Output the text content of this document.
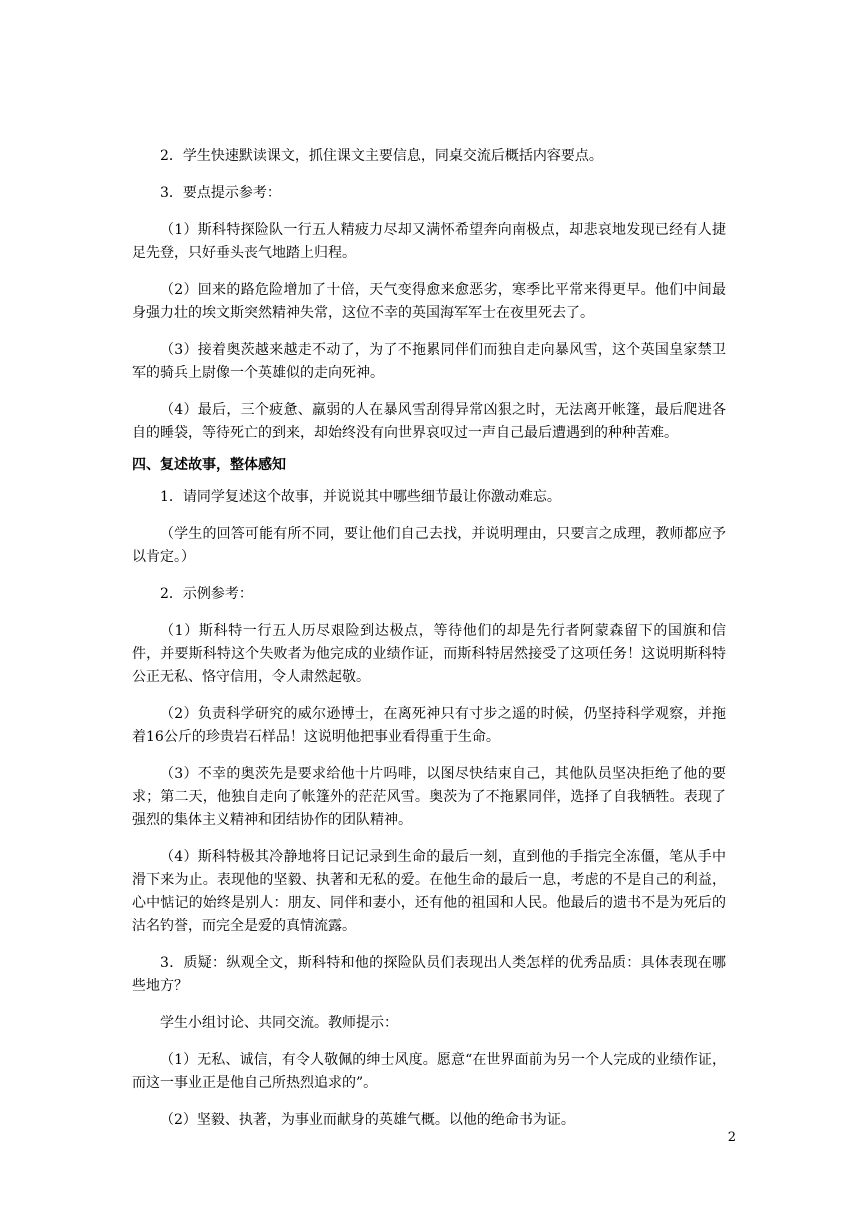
2．学生快速默读课文，抓住课文主要信息，同桌交流后概括内容要点。

3．要点提示参考：

（1）斯科特探险队一行五人精疲力尽却又满怀希望奔向南极点，却悲哀地发现已经有人捷足先登，只好垂头丧气地踏上归程。

（2）回来的路危险增加了十倍，天气变得愈来愈恶劣，寒季比平常来得更早。他们中间最身强力壮的埃文斯突然精神失常，这位不幸的英国海军军士在夜里死去了。

（3）接着奥茨越来越走不动了，为了不拖累同伴们而独自走向暴风雪，这个英国皇家禁卫军的骑兵上尉像一个英雄似的走向死神。

（4）最后，三个疲惫、羸弱的人在暴风雪刮得异常凶狠之时，无法离开帐篷，最后爬进各自的睡袋，等待死亡的到来，却始终没有向世界哀叹过一声自己最后遭遇到的种种苦难。

四、复述故事，整体感知

1．请同学复述这个故事，并说说其中哪些细节最让你激动难忘。

（学生的回答可能有所不同，要让他们自己去找，并说明理由，只要言之成理，教师都应予以肯定。）

2．示例参考：

（1）斯科特一行五人历尽艰险到达极点，等待他们的却是先行者阿蒙森留下的国旗和信件，并要斯科特这个失败者为他完成的业绩作证，而斯科特居然接受了这项任务！这说明斯科特公正无私、恪守信用，令人肃然起敬。

（2）负责科学研究的威尔逊博士，在离死神只有寸步之遥的时候，仍坚持科学观察，并拖着16公斤的珍贵岩石样品！这说明他把事业看得重于生命。

（3）不幸的奥茨先是要求给他十片吗啡，以图尽快结束自己，其他队员坚决拒绝了他的要求；第二天，他独自走向了帐篷外的茫茫风雪。奥茨为了不拖累同伴，选择了自我牺牲。表现了强烈的集体主义精神和团结协作的团队精神。

（4）斯科特极其冷静地将日记记录到生命的最后一刻，直到他的手指完全冻僵，笔从手中滑下来为止。表现他的坚毅、执著和无私的爱。在他生命的最后一息，考虑的不是自己的利益，心中惦记的始终是别人：朋友、同伴和妻小，还有他的祖国和人民。他最后的遗书不是为死后的沽名钓誉，而完全是爱的真情流露。

3．质疑：纵观全文，斯科特和他的探险队员们表现出人类怎样的优秀品质：具体表现在哪些地方？

学生小组讨论、共同交流。教师提示：

（1）无私、诚信，有令人敬佩的绅士风度。愿意“在世界面前为另一个人完成的业绩作证，而这一事业正是他自己所热烈追求的”。

（2）坚毅、执著，为事业而献身的英雄气概。以他的绝命书为证。

2
